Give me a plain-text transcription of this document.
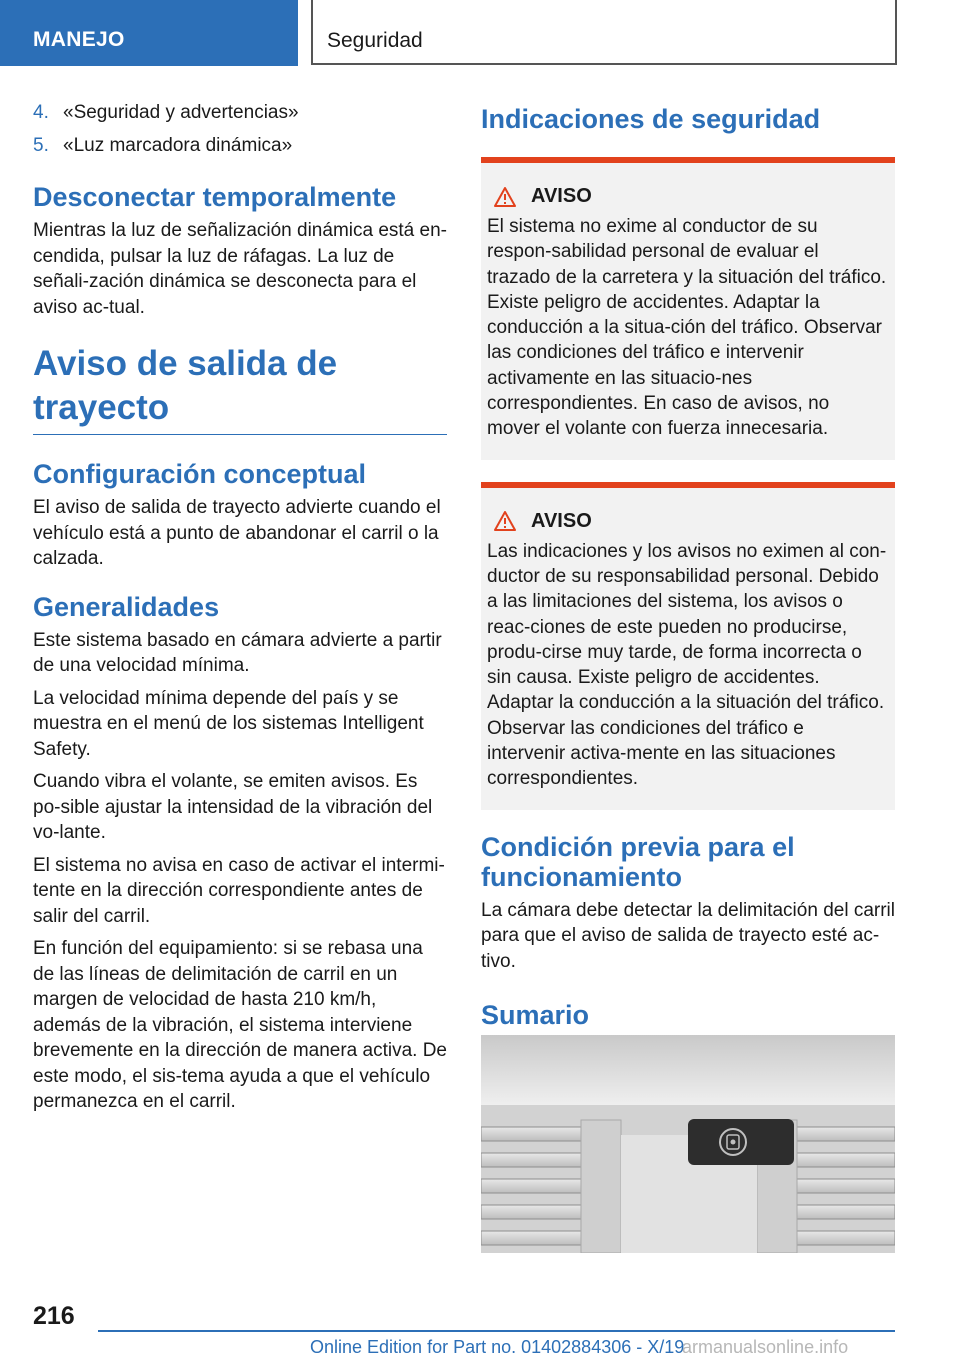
MANEJO	Seguridad
4. «Seguridad y advertencias»
5. «Luz marcadora dinámica»
Desconectar temporalmente

Mientras la luz de señalización dinámica está en-cendida, pulsar la luz de ráfagas. La luz de señali-zación dinámica se desconecta para el aviso ac-tual.

Aviso de salida de trayecto
Configuración conceptual

El aviso de salida de trayecto advierte cuando el vehículo está a punto de abandonar el carril o la calzada.

Generalidades

Este sistema basado en cámara advierte a partir de una velocidad mínima.

La velocidad mínima depende del país y se muestra en el menú de los sistemas Intelligent Safety.

Cuando vibra el volante, se emiten avisos. Es po-sible ajustar la intensidad de la vibración del vo-lante.

El sistema no avisa en caso de activar el intermi-tente en la dirección correspondiente antes de salir del carril.

En función del equipamiento: si se rebasa una de las líneas de delimitación de carril en un margen de velocidad de hasta 210 km/h, además de la vibración, el sistema interviene brevemente en la dirección de manera activa. De este modo, el sis-tema ayuda a que el vehículo permanezca en el carril.

Indicaciones de seguridad
AVISO

El sistema no exime al conductor de su respon-sabilidad personal de evaluar el trazado de la carretera y la situación del tráfico. Existe peligro de accidentes. Adaptar la conducción a la situa-ción del tráfico. Observar las condiciones del tráfico e intervenir activamente en las situacio-nes correspondientes. En caso de avisos, no mover el volante con fuerza innecesaria.

AVISO

Las indicaciones y los avisos no eximen al con-ductor de su responsabilidad personal. Debido a las limitaciones del sistema, los avisos o reac-ciones de este pueden no producirse, produ-cirse muy tarde, de forma incorrecta o sin causa. Existe peligro de accidentes. Adaptar la conducción a la situación del tráfico. Observar las condiciones del tráfico e intervenir activa-mente en las situaciones correspondientes.

Condición previa para el funcionamiento

La cámara debe detectar la delimitación del carril para que el aviso de salida de trayecto esté ac-tivo.

Sumario
216
Online Edition for Part no. 01402884306 - X/19
armanualsonline.info
